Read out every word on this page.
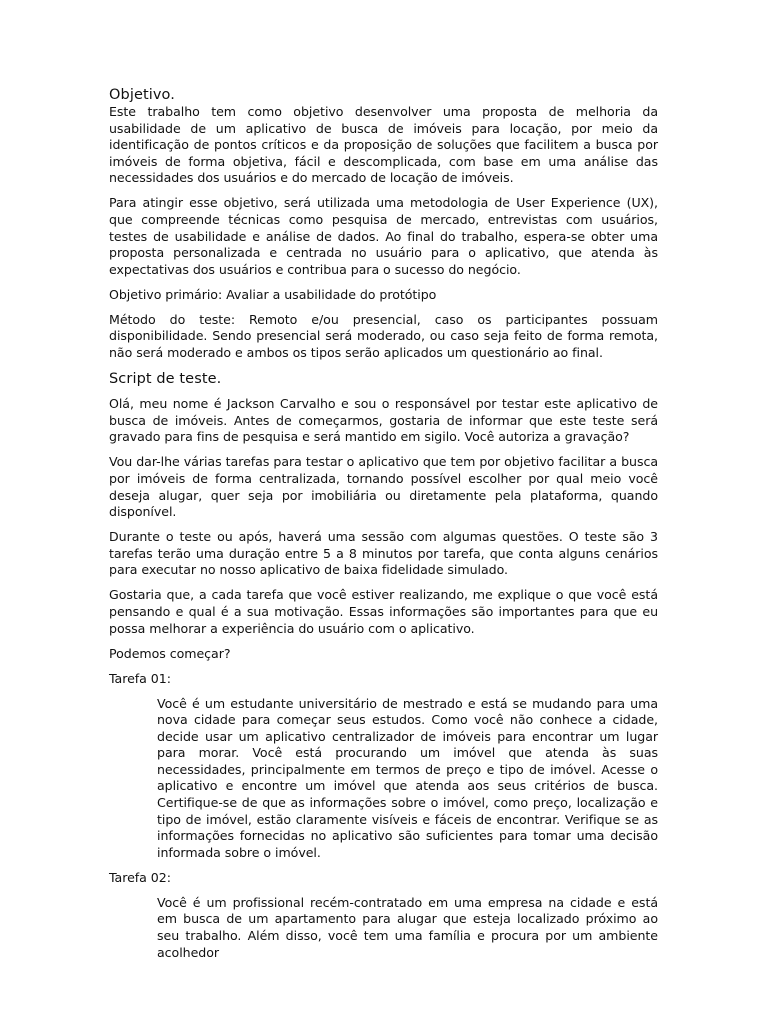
Objetivo.

Este trabalho tem como objetivo desenvolver uma proposta de melhoria da usabilidade de um aplicativo de busca de imóveis para locação, por meio da identificação de pontos críticos e da proposição de soluções que facilitem a busca por imóveis de forma objetiva, fácil e descomplicada, com base em uma análise das necessidades dos usuários e do mercado de locação de imóveis.

Para atingir esse objetivo, será utilizada uma metodologia de User Experience (UX), que compreende técnicas como pesquisa de mercado, entrevistas com usuários, testes de usabilidade e análise de dados. Ao final do trabalho, espera-se obter uma proposta personalizada e centrada no usuário para o aplicativo, que atenda às expectativas dos usuários e contribua para o sucesso do negócio.

Objetivo primário: Avaliar a usabilidade do protótipo

Método do teste: Remoto e/ou presencial, caso os participantes possuam disponibilidade. Sendo presencial será moderado, ou caso seja feito de forma remota, não será moderado e ambos os tipos serão aplicados um questionário ao final.

Script de teste.

Olá, meu nome é Jackson Carvalho e sou o responsável por testar este aplicativo de busca de imóveis. Antes de começarmos, gostaria de informar que este teste será gravado para fins de pesquisa e será mantido em sigilo. Você autoriza a gravação?

Vou dar-lhe várias tarefas para testar o aplicativo que tem por objetivo facilitar a busca por imóveis de forma centralizada, tornando possível escolher por qual meio você deseja alugar, quer seja por imobiliária ou diretamente pela plataforma, quando disponível.

Durante o teste ou após, haverá uma sessão com algumas questões. O teste são 3 tarefas terão uma duração entre 5 a 8 minutos por tarefa, que conta alguns cenários para executar no nosso aplicativo de baixa fidelidade simulado.

Gostaria que, a cada tarefa que você estiver realizando, me explique o que você está pensando e qual é a sua motivação. Essas informações são importantes para que eu possa melhorar a experiência do usuário com o aplicativo.

Podemos começar?

Tarefa 01:

Você é um estudante universitário de mestrado e está se mudando para uma nova cidade para começar seus estudos. Como você não conhece a cidade, decide usar um aplicativo centralizador de imóveis para encontrar um lugar para morar. Você está procurando um imóvel que atenda às suas necessidades, principalmente em termos de preço e tipo de imóvel. Acesse o aplicativo e encontre um imóvel que atenda aos seus critérios de busca. Certifique-se de que as informações sobre o imóvel, como preço, localização e tipo de imóvel, estão claramente visíveis e fáceis de encontrar. Verifique se as informações fornecidas no aplicativo são suficientes para tomar uma decisão informada sobre o imóvel.

Tarefa 02:

Você é um profissional recém-contratado em uma empresa na cidade e está em busca de um apartamento para alugar que esteja localizado próximo ao seu trabalho. Além disso, você tem uma família e procura por um ambiente acolhedor
